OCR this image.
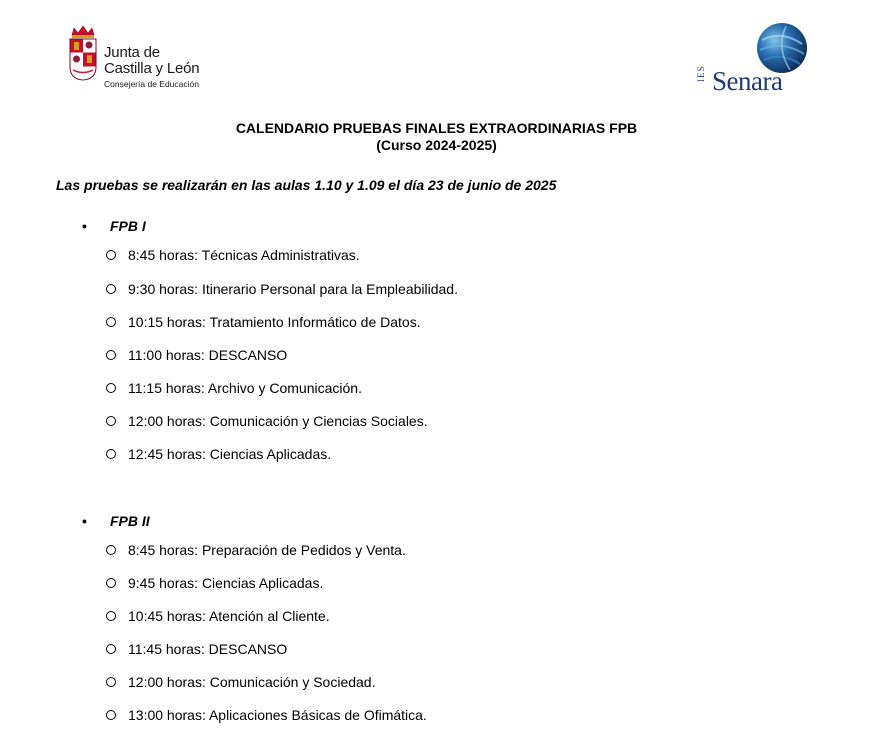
Junta de
Castilla y León
Consejería de Educación
IES Senara
CALENDARIO PRUEBAS FINALES EXTRAORDINARIAS FPB
(Curso 2024-2025)
Las pruebas se realizarán en las aulas 1.10 y 1.09 el día 23 de junio de 2025
• FPB I
8:45 horas: Técnicas Administrativas.
9:30 horas: Itinerario Personal para la Empleabilidad.
10:15 horas: Tratamiento Informático de Datos.
11:00 horas: DESCANSO
11:15 horas: Archivo y Comunicación.
12:00 horas: Comunicación y Ciencias Sociales.
12:45 horas: Ciencias Aplicadas.
• FPB II
8:45 horas: Preparación de Pedidos y Venta.
9:45 horas: Ciencias Aplicadas.
10:45 horas: Atención al Cliente.
11:45 horas: DESCANSO
12:00 horas: Comunicación y Sociedad.
13:00 horas: Aplicaciones Básicas de Ofimática.
